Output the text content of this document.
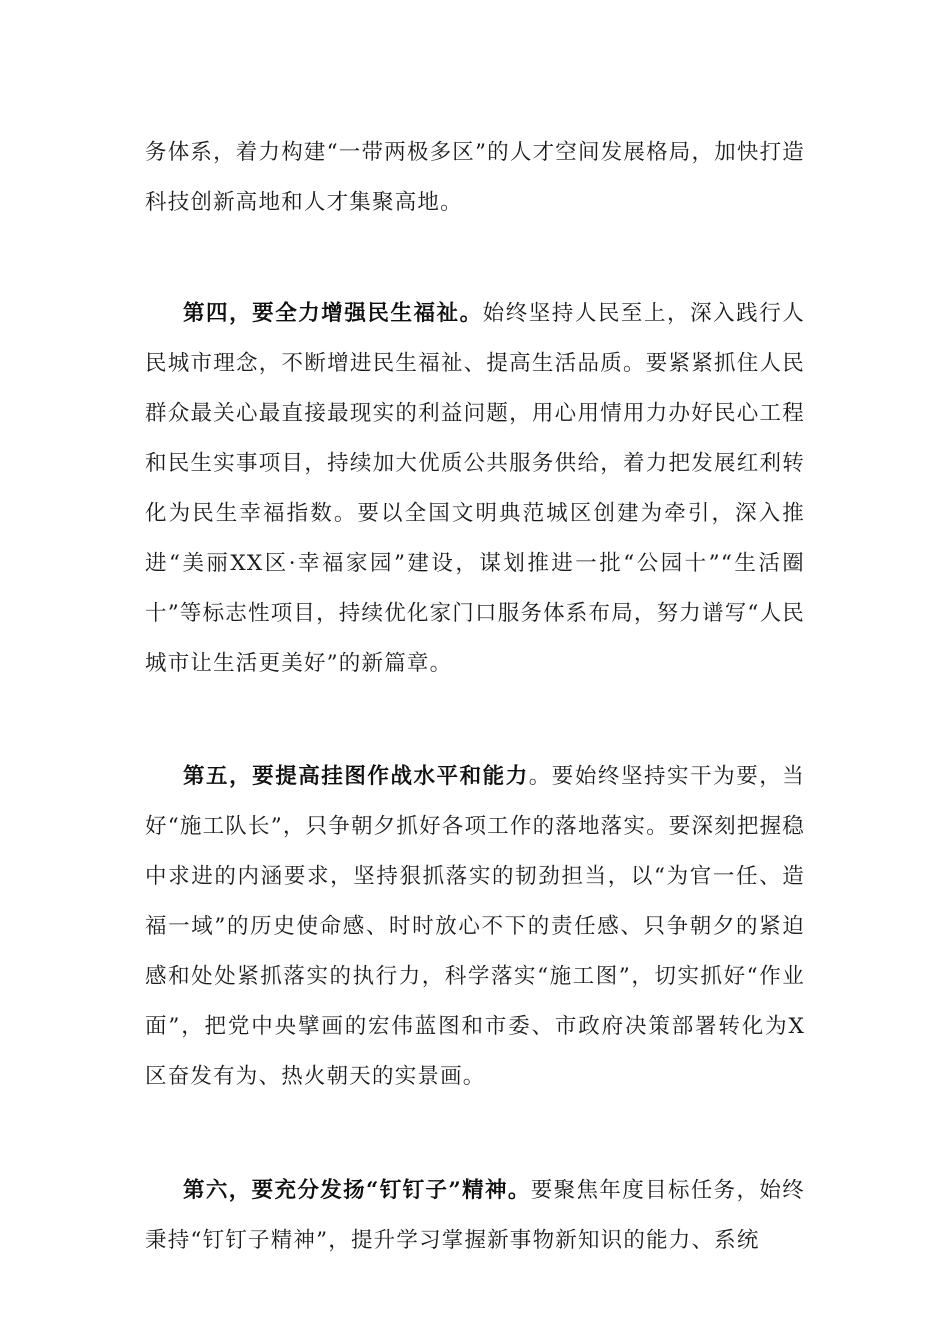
务体系，着力构建“一带两极多区”的人才空间发展格局，加快打造科技创新高地和人才集聚高地。

第四，要全力增强民生福祉。始终坚持人民至上，深入践行人民城市理念，不断增进民生福祉、提高生活品质。要紧紧抓住人民群众最关心最直接最现实的利益问题，用心用情用力办好民心工程和民生实事项目，持续加大优质公共服务供给，着力把发展红利转化为民生幸福指数。要以全国文明典范城区创建为牵引，深入推进“美丽XX区·幸福家园”建设，谋划推进一批“公园十”“生活圈十”等标志性项目，持续优化家门口服务体系布局，努力谱写“人民城市让生活更美好”的新篇章。

第五，要提高挂图作战水平和能力。要始终坚持实干为要，当好“施工队长”，只争朝夕抓好各项工作的落地落实。要深刻把握稳中求进的内涵要求，坚持狠抓落实的韧劲担当，以“为官一任、造福一域”的历史使命感、时时放心不下的责任感、只争朝夕的紧迫感和处处紧抓落实的执行力，科学落实“施工图”，切实抓好“作业面”，把党中央擘画的宏伟蓝图和市委、市政府决策部署转化为X区奋发有为、热火朝天的实景画。

第六，要充分发扬“钉钉子”精神。要聚焦年度目标任务，始终秉持“钉钉子精神”，提升学习掌握新事物新知识的能力、系统
